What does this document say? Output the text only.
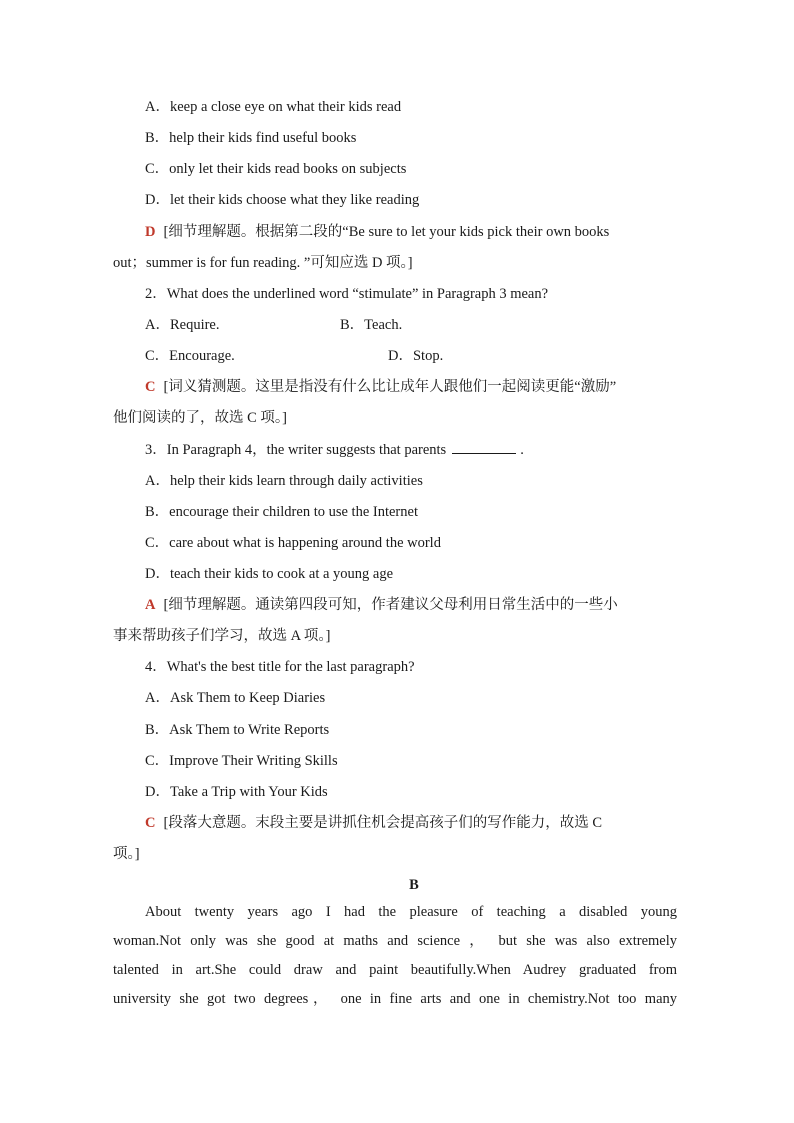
A．keep a close eye on what their kids read
B．help their kids find useful books
C．only let their kids read books on subjects
D．let their kids choose what they like reading
D [细节理解题。根据第二段的“Be sure to let your kids pick their own books
out；summer is for fun reading. ”可知应选 D 项。]
2．What does the underlined word “stimulate” in Paragraph 3 mean?
A．Require.	B．Teach.
C．Encourage.	D．Stop.
C [词义猜测题。这里是指没有什么比让成年人跟他们一起阅读更能“激励”
他们阅读的了，故选 C 项。]
3．In Paragraph 4，the writer suggests that parents	.
A．help their kids learn through daily activities
B．encourage their children to use the Internet
C．care about what is happening around the world
D．teach their kids to cook at a young age
A [细节理解题。通读第四段可知，作者建议父母利用日常生活中的一些小
事来帮助孩子们学习，故选 A 项。]
4．What's the best title for the last paragraph?
A．Ask Them to Keep Diaries
B．Ask Them to Write Reports
C．Improve Their Writing Skills
D．Take a Trip with Your Kids
C [段落大意题。末段主要是讲抓住机会提高孩子们的写作能力，故选 C
项。]
B
About twenty years ago I had the pleasure of teaching a disabled young
woman.Not only was she good at maths and science ， but she was also extremely
talented in art.She could draw and paint beautifully.When Audrey graduated from
university she got two degrees， one in fine arts and one in chemistry.Not too many
